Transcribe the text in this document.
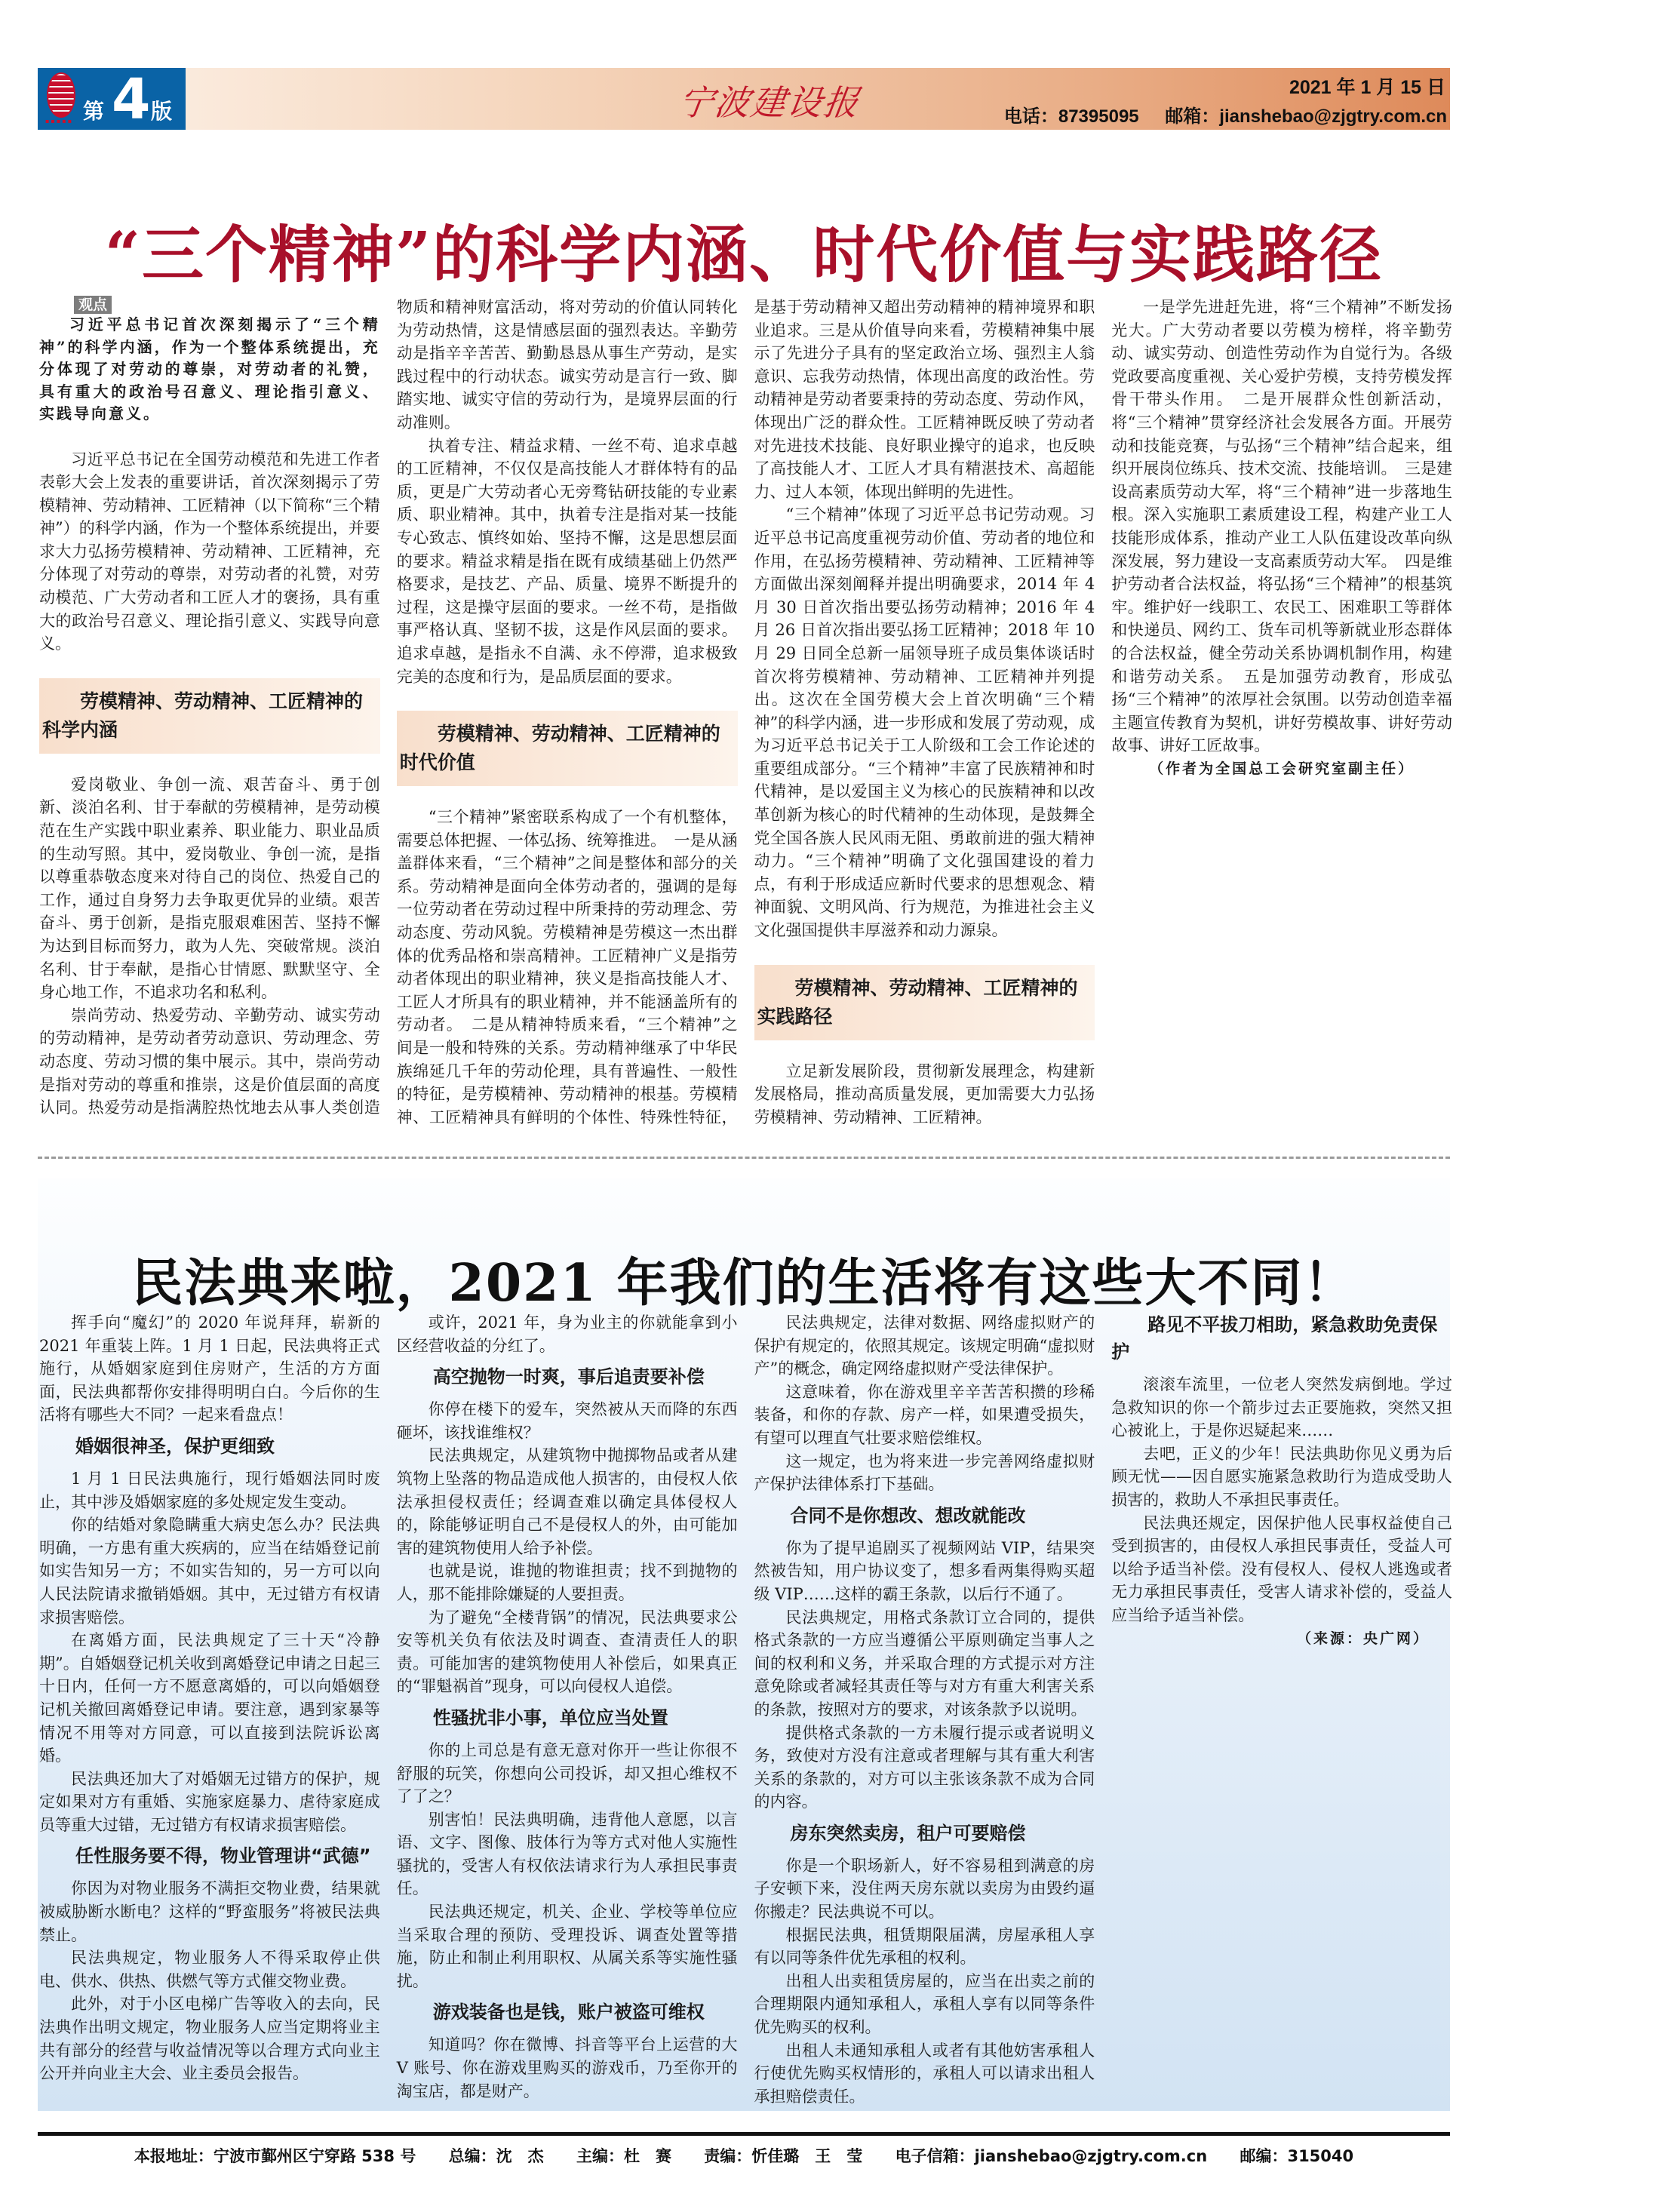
▪▪▪▪▪ 第 4 版	宁波建设报	2021 年 1 月 15 日
电话：87395095 邮箱：jianshebao@zjgtry.com.cn
“三个精神”的科学内涵、时代价值与实践路径
观点

习近平总书记首次深刻揭示了“三个精神”的科学内涵，作为一个整体系统提出，充分体现了对劳动的尊崇，对劳动者的礼赞，具有重大的政治号召意义、理论指引意义、实践导向意义。

习近平总书记在全国劳动模范和先进工作者表彰大会上发表的重要讲话，首次深刻揭示了劳模精神、劳动精神、工匠精神（以下简称“三个精神”）的科学内涵，作为一个整体系统提出，并要求大力弘扬劳模精神、劳动精神、工匠精神，充分体现了对劳动的尊崇，对劳动者的礼赞，对劳动模范、广大劳动者和工匠人才的褒扬，具有重大的政治号召意义、理论指引意义、实践导向意义。

劳模精神、劳动精神、工匠精神的科学内涵

爱岗敬业、争创一流、艰苦奋斗、勇于创新、淡泊名利、甘于奉献的劳模精神，是劳动模范在生产实践中职业素养、职业能力、职业品质的生动写照。其中，爱岗敬业、争创一流，是指以尊重恭敬态度来对待自己的岗位、热爱自己的工作，通过自身努力去争取更优异的业绩。艰苦奋斗、勇于创新，是指克服艰难困苦、坚持不懈为达到目标而努力，敢为人先、突破常规。淡泊名利、甘于奉献，是指心甘情愿、默默坚守、全身心地工作，不追求功名和私利。

崇尚劳动、热爱劳动、辛勤劳动、诚实劳动的劳动精神，是劳动者劳动意识、劳动理念、劳动态度、劳动习惯的集中展示。其中，崇尚劳动是指对劳动的尊重和推崇，这是价值层面的高度认同。热爱劳动是指满腔热忱地去从事人类创造物质和精神财富活动，将对劳动的价值认同转化为劳动热情，这是情感层面的强烈表达。辛勤劳动是指辛辛苦苦、勤勤恳恳从事生产劳动，是实践过程中的行动状态。诚实劳动是言行一致、脚踏实地、诚实守信的劳动行为，是境界层面的行动准则。

执着专注、精益求精、一丝不苟、追求卓越的工匠精神，不仅仅是高技能人才群体特有的品质，更是广大劳动者心无旁骛钻研技能的专业素质、职业精神。其中，执着专注是指对某一技能专心致志、慎终如始、坚持不懈，这是思想层面的要求。精益求精是指在既有成绩基础上仍然严格要求，是技艺、产品、质量、境界不断提升的过程，这是操守层面的要求。一丝不苟，是指做事严格认真、坚韧不拔，这是作风层面的要求。追求卓越，是指永不自满、永不停滞，追求极致完美的态度和行为，是品质层面的要求。

劳模精神、劳动精神、工匠精神的时代价值

“三个精神”紧密联系构成了一个有机整体，需要总体把握、一体弘扬、统筹推进。　一是从涵盖群体来看，“三个精神”之间是整体和部分的关系。劳动精神是面向全体劳动者的，强调的是每一位劳动者在劳动过程中所秉持的劳动理念、劳动态度、劳动风貌。劳模精神是劳模这一杰出群体的优秀品格和崇高精神。工匠精神广义是指劳动者体现出的职业精神，狭义是指高技能人才、工匠人才所具有的职业精神，并不能涵盖所有的劳动者。　二是从精神特质来看，“三个精神”之间是一般和特殊的关系。劳动精神继承了中华民族绵延几千年的劳动伦理，具有普遍性、一般性的特征，是劳模精神、劳动精神的根基。劳模精神、工匠精神具有鲜明的个体性、特殊性特征，是基于劳动精神又超出劳动精神的精神境界和职业追求。三是从价值导向来看，劳模精神集中展示了先进分子具有的坚定政治立场、强烈主人翁意识、忘我劳动热情，体现出高度的政治性。劳动精神是劳动者要秉持的劳动态度、劳动作风，体现出广泛的群众性。工匠精神既反映了劳动者对先进技术技能、良好职业操守的追求，也反映了高技能人才、工匠人才具有精湛技术、高超能力、过人本领，体现出鲜明的先进性。

“三个精神”体现了习近平总书记劳动观。习近平总书记高度重视劳动价值、劳动者的地位和作用，在弘扬劳模精神、劳动精神、工匠精神等方面做出深刻阐释并提出明确要求，2014 年 4 月 30 日首次指出要弘扬劳动精神；2016 年 4 月 26 日首次指出要弘扬工匠精神；2018 年 10 月 29 日同全总新一届领导班子成员集体谈话时首次将劳模精神、劳动精神、工匠精神并列提出。这次在全国劳模大会上首次明确“三个精神”的科学内涵，进一步形成和发展了劳动观，成为习近平总书记关于工人阶级和工会工作论述的重要组成部分。“三个精神”丰富了民族精神和时代精神，是以爱国主义为核心的民族精神和以改革创新为核心的时代精神的生动体现，是鼓舞全党全国各族人民风雨无阻、勇敢前进的强大精神动力。“三个精神”明确了文化强国建设的着力点，有利于形成适应新时代要求的思想观念、精神面貌、文明风尚、行为规范，为推进社会主义文化强国提供丰厚滋养和动力源泉。

劳模精神、劳动精神、工匠精神的实践路径

立足新发展阶段，贯彻新发展理念，构建新发展格局，推动高质量发展，更加需要大力弘扬劳模精神、劳动精神、工匠精神。

一是学先进赶先进，将“三个精神”不断发扬光大。广大劳动者要以劳模为榜样，将辛勤劳动、诚实劳动、创造性劳动作为自觉行为。各级党政要高度重视、关心爱护劳模，支持劳模发挥骨干带头作用。　二是开展群众性创新活动，将“三个精神”贯穿经济社会发展各方面。开展劳动和技能竞赛，与弘扬“三个精神”结合起来，组织开展岗位练兵、技术交流、技能培训。　三是建设高素质劳动大军，将“三个精神”进一步落地生根。深入实施职工素质建设工程，构建产业工人技能形成体系，推动产业工人队伍建设改革向纵深发展，努力建设一支高素质劳动大军。　四是维护劳动者合法权益，将弘扬“三个精神”的根基筑牢。维护好一线职工、农民工、困难职工等群体和快递员、网约工、货车司机等新就业形态群体的合法权益，健全劳动关系协调机制作用，构建和谐劳动关系。　五是加强劳动教育，形成弘扬“三个精神”的浓厚社会氛围。以劳动创造幸福主题宣传教育为契机，讲好劳模故事、讲好劳动故事、讲好工匠故事。

（作者为全国总工会研究室副主任）

民法典来啦，2021 年我们的生活将有这些大不同！

挥手向“魔幻”的 2020 年说拜拜，崭新的 2021 年重装上阵。1 月 1 日起，民法典将正式施行，从婚姻家庭到住房财产，生活的方方面面，民法典都帮你安排得明明白白。今后你的生活将有哪些大不同？一起来看盘点！

婚姻很神圣，保护更细致

1 月 1 日民法典施行，现行婚姻法同时废止，其中涉及婚姻家庭的多处规定发生变动。

你的结婚对象隐瞒重大病史怎么办？民法典明确，一方患有重大疾病的，应当在结婚登记前如实告知另一方；不如实告知的，另一方可以向人民法院请求撤销婚姻。其中，无过错方有权请求损害赔偿。

在离婚方面，民法典规定了三十天“冷静期”。自婚姻登记机关收到离婚登记申请之日起三十日内，任何一方不愿意离婚的，可以向婚姻登记机关撤回离婚登记申请。要注意，遇到家暴等情况不用等对方同意，可以直接到法院诉讼离婚。

民法典还加大了对婚姻无过错方的保护，规定如果对方有重婚、实施家庭暴力、虐待家庭成员等重大过错，无过错方有权请求损害赔偿。

任性服务要不得，物业管理讲“武德”

你因为对物业服务不满拒交物业费，结果就被威胁断水断电？这样的“野蛮服务”将被民法典禁止。

民法典规定，物业服务人不得采取停止供电、供水、供热、供燃气等方式催交物业费。

此外，对于小区电梯广告等收入的去向，民法典作出明文规定，物业服务人应当定期将业主共有部分的经营与收益情况等以合理方式向业主公开并向业主大会、业主委员会报告。

或许，2021 年，身为业主的你就能拿到小区经营收益的分红了。

高空抛物一时爽，事后追责要补偿

你停在楼下的爱车，突然被从天而降的东西砸坏，该找谁维权？

民法典规定，从建筑物中抛掷物品或者从建筑物上坠落的物品造成他人损害的，由侵权人依法承担侵权责任；经调查难以确定具体侵权人的，除能够证明自己不是侵权人的外，由可能加害的建筑物使用人给予补偿。

也就是说，谁抛的物谁担责；找不到抛物的人，那不能排除嫌疑的人要担责。

为了避免“全楼背锅”的情况，民法典要求公安等机关负有依法及时调查、查清责任人的职责。可能加害的建筑物使用人补偿后，如果真正的“罪魁祸首”现身，可以向侵权人追偿。

性骚扰非小事，单位应当处置

你的上司总是有意无意对你开一些让你很不舒服的玩笑，你想向公司投诉，却又担心维权不了了之？

别害怕！民法典明确，违背他人意愿，以言语、文字、图像、肢体行为等方式对他人实施性骚扰的，受害人有权依法请求行为人承担民事责任。

民法典还规定，机关、企业、学校等单位应当采取合理的预防、受理投诉、调查处置等措施，防止和制止利用职权、从属关系等实施性骚扰。

游戏装备也是钱，账户被盗可维权

知道吗？你在微博、抖音等平台上运营的大 V 账号、你在游戏里购买的游戏币，乃至你开的淘宝店，都是财产。

民法典规定，法律对数据、网络虚拟财产的保护有规定的，依照其规定。该规定明确“虚拟财产”的概念，确定网络虚拟财产受法律保护。

这意味着，你在游戏里辛辛苦苦积攒的珍稀装备，和你的存款、房产一样，如果遭受损失，有望可以理直气壮要求赔偿维权。

这一规定，也为将来进一步完善网络虚拟财产保护法律体系打下基础。

合同不是你想改、想改就能改

你为了提早追剧买了视频网站 VIP，结果突然被告知，用户协议变了，想多看两集得购买超级 VIP……这样的霸王条款，以后行不通了。

民法典规定，用格式条款订立合同的，提供格式条款的一方应当遵循公平原则确定当事人之间的权利和义务，并采取合理的方式提示对方注意免除或者减轻其责任等与对方有重大利害关系的条款，按照对方的要求，对该条款予以说明。

提供格式条款的一方未履行提示或者说明义务，致使对方没有注意或者理解与其有重大利害关系的条款的，对方可以主张该条款不成为合同的内容。

房东突然卖房，租户可要赔偿

你是一个职场新人，好不容易租到满意的房子安顿下来，没住两天房东就以卖房为由毁约逼你搬走？民法典说不可以。

根据民法典，租赁期限届满，房屋承租人享有以同等条件优先承租的权利。

出租人出卖租赁房屋的，应当在出卖之前的合理期限内通知承租人，承租人享有以同等条件优先购买的权利。

出租人未通知承租人或者有其他妨害承租人行使优先购买权情形的，承租人可以请求出租人承担赔偿责任。

路见不平拔刀相助，紧急救助免责保护

滚滚车流里，一位老人突然发病倒地。学过急救知识的你一个箭步过去正要施救，突然又担心被讹上，于是你迟疑起来……

去吧，正义的少年！民法典助你见义勇为后顾无忧——因自愿实施紧急救助行为造成受助人损害的，救助人不承担民事责任。

民法典还规定，因保护他人民事权益使自己受到损害的，由侵权人承担民事责任，受益人可以给予适当补偿。没有侵权人、侵权人逃逸或者无力承担民事责任，受害人请求补偿的，受益人应当给予适当补偿。

（来源：央广网）

本报地址：宁波市鄞州区宁穿路 538 号 总编：沈　杰 主编：杜　赛 责编：忻佳璐　王　莹 电子信箱：jianshebao@zjgtry.com.cn 邮编：315040
